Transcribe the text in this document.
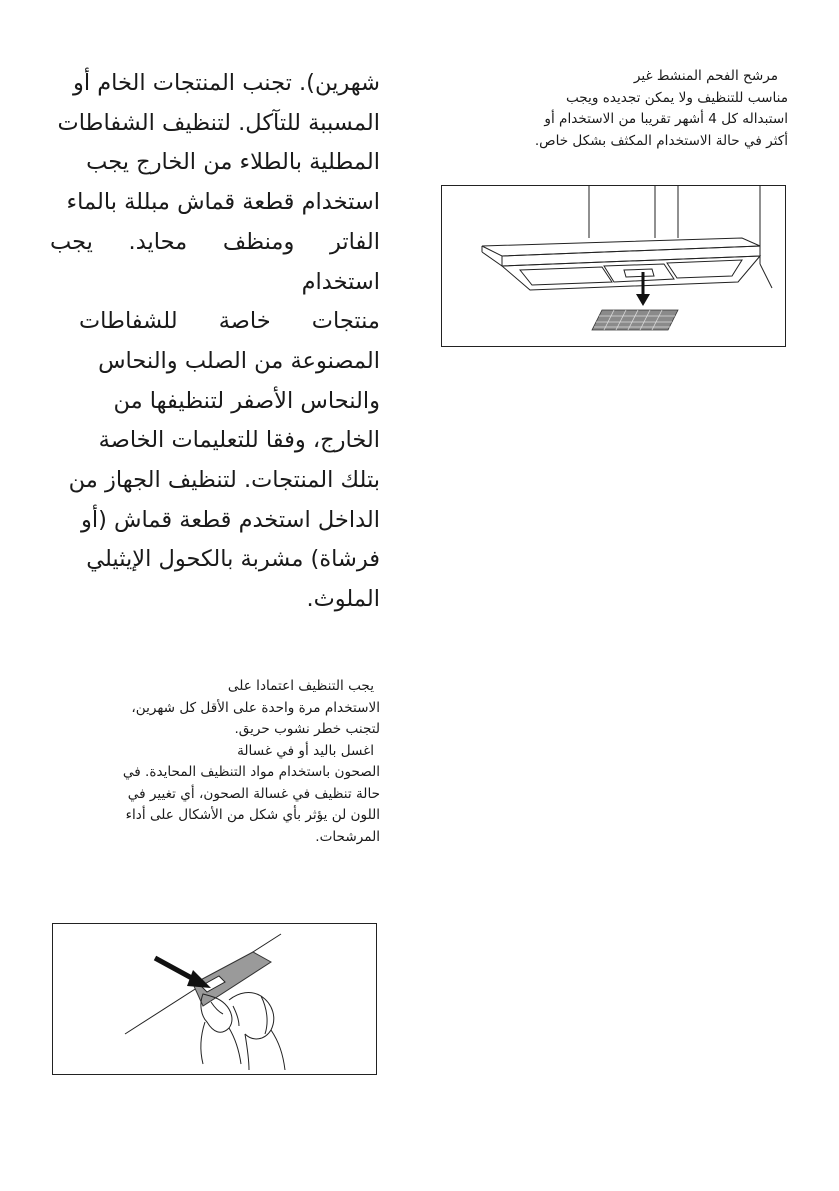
مرشح الفحم المنشط غير

مناسب للتنظيف ولا يمكن تجديده ويجب

استبداله كل 4 أشهر تقريبا من الاستخدام أو

أكثر في حالة الاستخدام المكثف بشكل خاص.

شهرين). تجنب المنتجات الخام أو
المسببة للتآكل. لتنظيف الشفاطات
المطلية بالطلاء من الخارج يجب
استخدام قطعة قماش مبللة بالماء
الفاتر ومنظف محايد. يجب استخدام
منتجات خاصة للشفاطات
المصنوعة من الصلب والنحاس
والنحاس الأصفر لتنظيفها من
الخارج، وفقا للتعليمات الخاصة
بتلك المنتجات. لتنظيف الجهاز من
الداخل استخدم قطعة قماش (أو
فرشاة) مشربة بالكحول الإيثيلي
الملوث.

يجب التنظيف اعتمادا على

الاستخدام مرة واحدة على الأقل كل شهرين،

لتجنب خطر نشوب حريق.

اغسل باليد أو في غسالة

الصحون باستخدام مواد التنظيف المحايدة. في

حالة تنظيف في غسالة الصحون، أي تغيير في

اللون لن يؤثر بأي شكل من الأشكال على أداء

المرشحات.
